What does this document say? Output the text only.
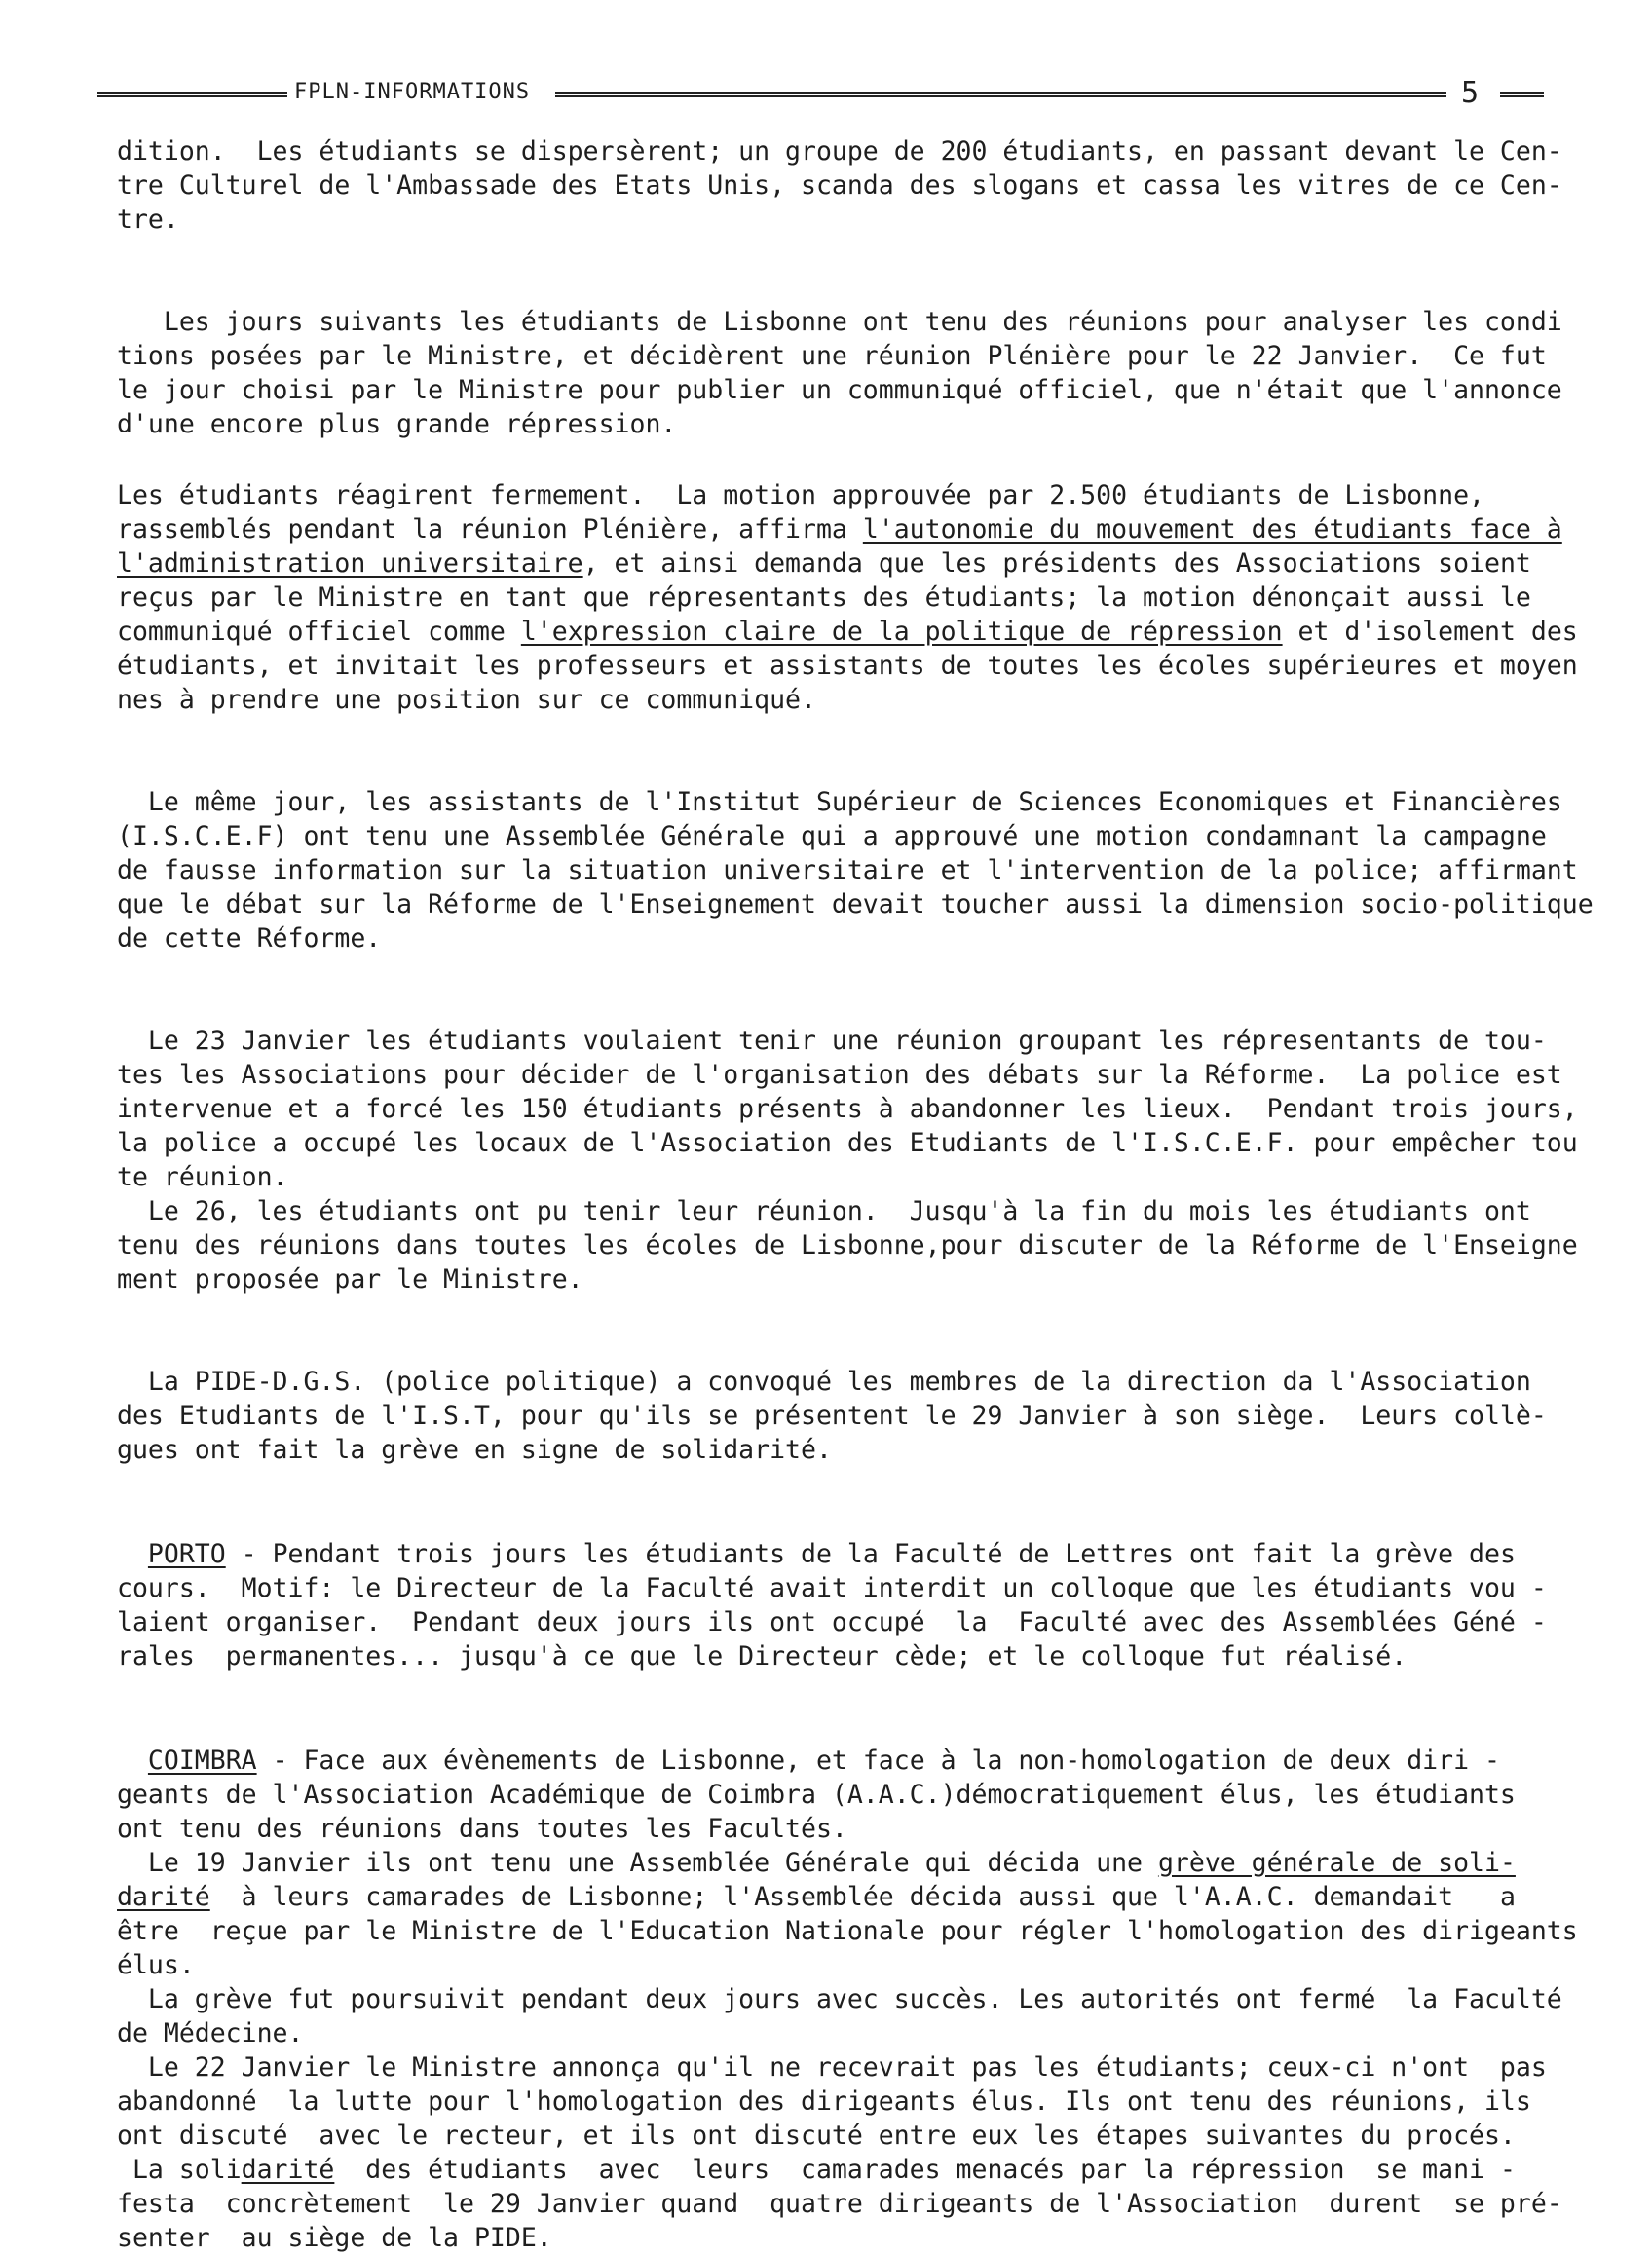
FPLN-INFORMATIONS	5
dition.  Les étudiants se dispersèrent; un groupe de 200 étudiants, en passant devant le Cen-
tre Culturel de l'Ambassade des Etats Unis, scanda des slogans et cassa les vitres de ce Cen-
tre.
Les jours suivants les étudiants de Lisbonne ont tenu des réunions pour analyser les condi
tions posées par le Ministre, et décidèrent une réunion Plénière pour le 22 Janvier.  Ce fut
le jour choisi par le Ministre pour publier un communiqué officiel, que n'était que l'annonce
d'une encore plus grande répression.
Les étudiants réagirent fermement.  La motion approuvée par 2.500 étudiants de Lisbonne,
rassemblés pendant la réunion Plénière, affirma l'autonomie du mouvement des étudiants face à
l'administration universitaire, et ainsi demanda que les présidents des Associations soient
reçus par le Ministre en tant que répresentants des étudiants; la motion dénonçait aussi le
communiqué officiel comme l'expression claire de la politique de répression et d'isolement des
étudiants, et invitait les professeurs et assistants de toutes les écoles supérieures et moyen
nes à prendre une position sur ce communiqué.
Le même jour, les assistants de l'Institut Supérieur de Sciences Economiques et Financières
(I.S.C.E.F) ont tenu une Assemblée Générale qui a approuvé une motion condamnant la campagne
de fausse information sur la situation universitaire et l'intervention de la police; affirmant
que le débat sur la Réforme de l'Enseignement devait toucher aussi la dimension socio-politique
de cette Réforme.
Le 23 Janvier les étudiants voulaient tenir une réunion groupant les répresentants de tou-
tes les Associations pour décider de l'organisation des débats sur la Réforme.  La police est
intervenue et a forcé les 150 étudiants présents à abandonner les lieux.  Pendant trois jours,
la police a occupé les locaux de l'Association des Etudiants de l'I.S.C.E.F. pour empêcher tou
te réunion.
Le 26, les étudiants ont pu tenir leur réunion.  Jusqu'à la fin du mois les étudiants ont
tenu des réunions dans toutes les écoles de Lisbonne,pour discuter de la Réforme de l'Enseigne
ment proposée par le Ministre.
La PIDE-D.G.S. (police politique) a convoqué les membres de la direction da l'Association
des Etudiants de l'I.S.T, pour qu'ils se présentent le 29 Janvier à son siège.  Leurs collè-
gues ont fait la grève en signe de solidarité.
PORTO - Pendant trois jours les étudiants de la Faculté de Lettres ont fait la grève des
cours.  Motif: le Directeur de la Faculté avait interdit un colloque que les étudiants vou -
laient organiser.  Pendant deux jours ils ont occupé  la  Faculté avec des Assemblées Géné -
rales  permanentes... jusqu'à ce que le Directeur cède; et le colloque fut réalisé.
COIMBRA - Face aux évènements de Lisbonne, et face à la non-homologation de deux diri -
geants de l'Association Académique de Coimbra (A.A.C.)démocratiquement élus, les étudiants
ont tenu des réunions dans toutes les Facultés.
Le 19 Janvier ils ont tenu une Assemblée Générale qui décida une grève générale de soli-
darité  à leurs camarades de Lisbonne; l'Assemblée décida aussi que l'A.A.C. demandait   a
être  reçue par le Ministre de l'Education Nationale pour régler l'homologation des dirigeants
élus.
La grève fut poursuivit pendant deux jours avec succès. Les autorités ont fermé  la Faculté
de Médecine.
Le 22 Janvier le Ministre annonça qu'il ne recevrait pas les étudiants; ceux-ci n'ont  pas
abandonné  la lutte pour l'homologation des dirigeants élus. Ils ont tenu des réunions, ils
ont discuté  avec le recteur, et ils ont discuté entre eux les étapes suivantes du procés.
La solidarité  des étudiants  avec  leurs  camarades menacés par la répression  se mani -
festa  concrètement  le 29 Janvier quand  quatre dirigeants de l'Association  durent  se pré-
senter  au siège de la PIDE.
